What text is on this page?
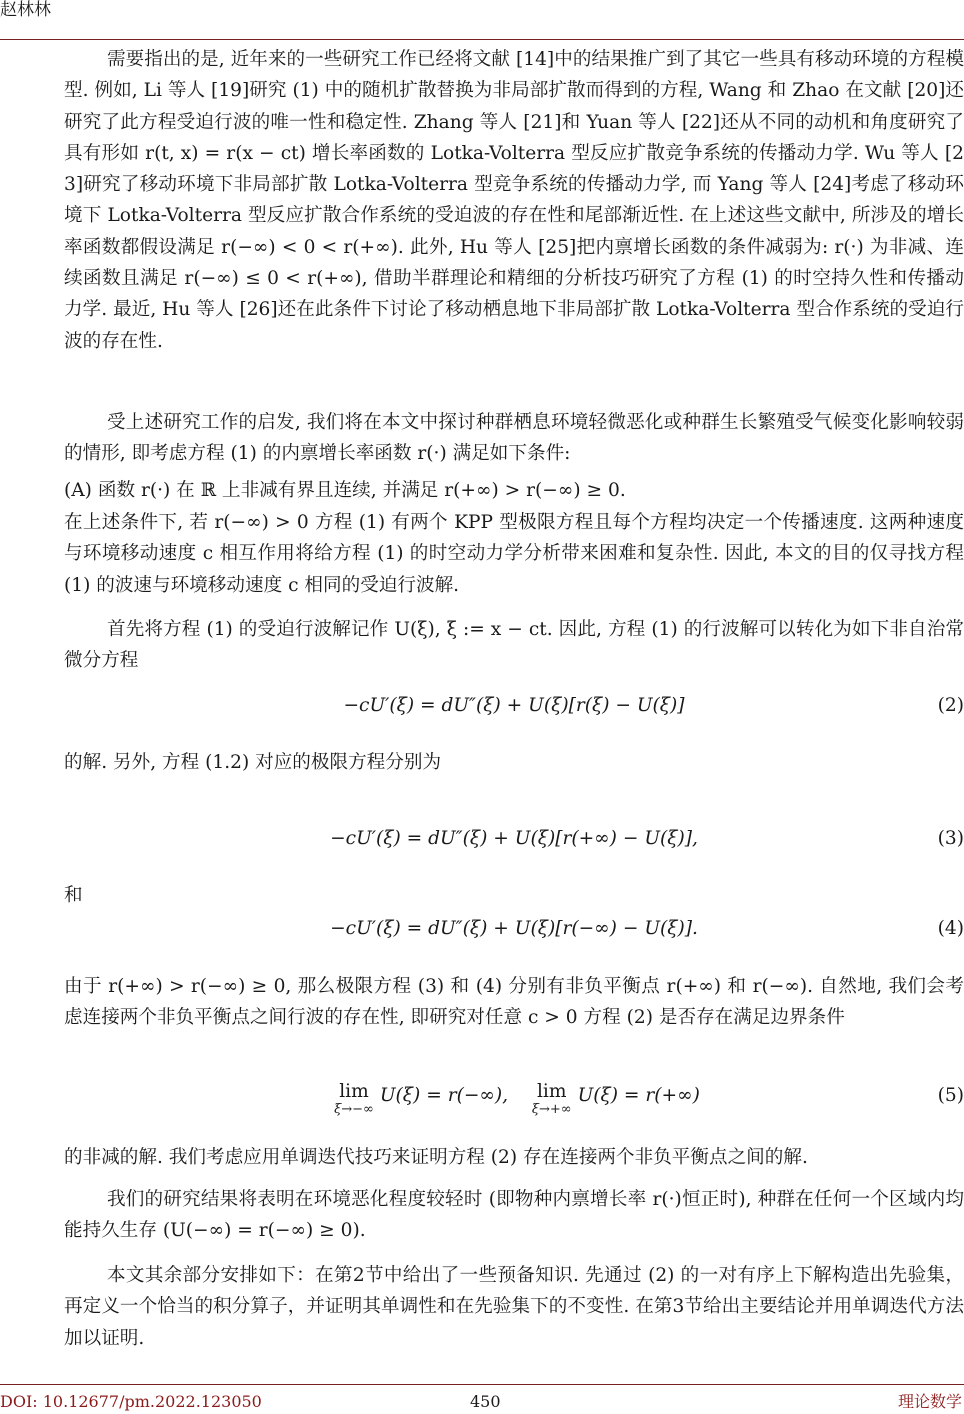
赵林林
需要指出的是, 近年来的一些研究工作已经将文献 [14]中的结果推广到了其它一些具有移动环境的方程模型. 例如, Li 等人 [19]研究 (1) 中的随机扩散替换为非局部扩散而得到的方程, Wang 和 Zhao 在文献 [20]还研究了此方程受迫行波的唯一性和稳定性. Zhang 等人 [21]和 Yuan 等人 [22]还从不同的动机和角度研究了具有形如 r(t, x) = r(x − ct) 增长率函数的 Lotka-Volterra 型反应扩散竞争系统的传播动力学. Wu 等人 [23]研究了移动环境下非局部扩散 Lotka-Volterra 型竞争系统的传播动力学, 而 Yang 等人 [24]考虑了移动环境下 Lotka-Volterra 型反应扩散合作系统的受迫波的存在性和尾部渐近性. 在上述这些文献中, 所涉及的增长率函数都假设满足 r(−∞) < 0 < r(+∞). 此外, Hu 等人 [25]把内禀增长函数的条件减弱为: r(·) 为非减、连续函数且满足 r(−∞) ≤ 0 < r(+∞), 借助半群理论和精细的分析技巧研究了方程 (1) 的时空持久性和传播动力学. 最近, Hu 等人 [26]还在此条件下讨论了移动栖息地下非局部扩散 Lotka-Volterra 型合作系统的受迫行波的存在性.
受上述研究工作的启发, 我们将在本文中探讨种群栖息环境轻微恶化或种群生长繁殖受气候变化影响较弱的情形, 即考虑方程 (1) 的内禀增长率函数 r(·) 满足如下条件:
(A) 函数 r(·) 在 ℝ 上非减有界且连续, 并满足 r(+∞) > r(−∞) ≥ 0.
在上述条件下, 若 r(−∞) > 0 方程 (1) 有两个 KPP 型极限方程且每个方程均决定一个传播速度. 这两种速度与环境移动速度 c 相互作用将给方程 (1) 的时空动力学分析带来困难和复杂性. 因此, 本文的目的仅寻找方程 (1) 的波速与环境移动速度 c 相同的受迫行波解.
首先将方程 (1) 的受迫行波解记作 U(ξ), ξ := x − ct. 因此, 方程 (1) 的行波解可以转化为如下非自治常微分方程
−cU′(ξ) = dU″(ξ) + U(ξ)[r(ξ) − U(ξ)]	(2)
的解. 另外, 方程 (1.2) 对应的极限方程分别为
−cU′(ξ) = dU″(ξ) + U(ξ)[r(+∞) − U(ξ)],	(3)
和
−cU′(ξ) = dU″(ξ) + U(ξ)[r(−∞) − U(ξ)].	(4)
由于 r(+∞) > r(−∞) ≥ 0, 那么极限方程 (3) 和 (4) 分别有非负平衡点 r(+∞) 和 r(−∞). 自然地, 我们会考虑连接两个非负平衡点之间行波的存在性, 即研究对任意 c > 0 方程 (2) 是否存在满足边界条件
lim
ξ→−∞
U(ξ) = r(−∞), lim
ξ→+∞
U(ξ) = r(+∞)	(5)
的非减的解. 我们考虑应用单调迭代技巧来证明方程 (2) 存在连接两个非负平衡点之间的解.
我们的研究结果将表明在环境恶化程度较轻时 (即物种内禀增长率 r(·)恒正时), 种群在任何一个区域内均能持久生存 (U(−∞) = r(−∞) ≥ 0).
本文其余部分安排如下：在第2节中给出了一些预备知识. 先通过 (2) 的一对有序上下解构造出先验集，再定义一个恰当的积分算子，并证明其单调性和在先验集下的不变性. 在第3节给出主要结论并用单调迭代方法加以证明.
DOI: 10.12677/pm.2022.123050	450	理论数学
